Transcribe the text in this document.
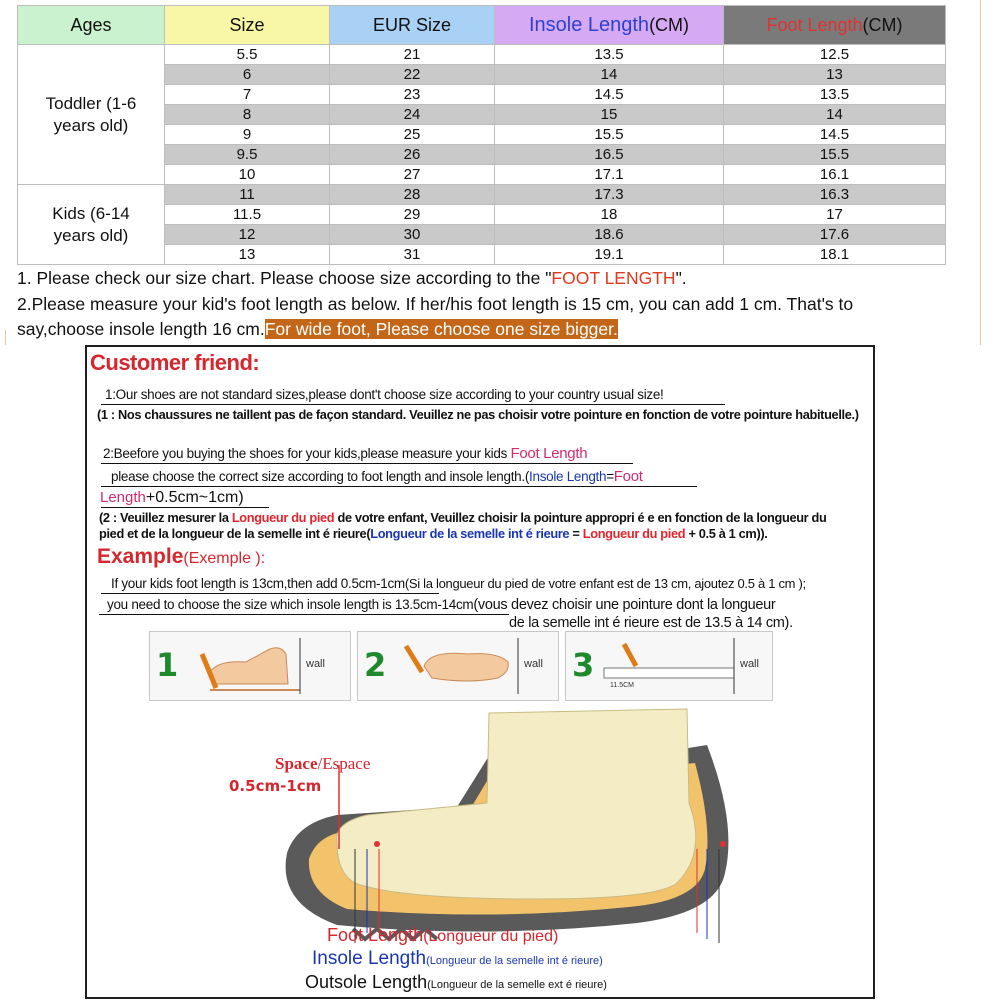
Ages	Size	EUR Size	Insole Length(CM)	Foot Length(CM)
Toddler (1-6 years old)	5.5	21	13.5	12.5
	6	22	14	13
	7	23	14.5	13.5
	8	24	15	14
	9	25	15.5	14.5
	9.5	26	16.5	15.5
	10	27	17.1	16.1
Kids (6-14 years old)	11	28	17.3	16.3
	11.5	29	18	17
	12	30	18.6	17.6
	13	31	19.1	18.1
1. Please check our size chart. Please choose size according to the "FOOT LENGTH".
2.Please measure your kid's foot length as below. If her/his foot length is 15 cm, you can add 1 cm. That's to
say,choose insole length 16 cm.For wide foot, Please choose one size bigger.
Customer friend:
1:Our shoes are not standard sizes,please dont't choose size according to your country usual size!
(1 : Nos chaussures ne taillent pas de façon standard. Veuillez ne pas choisir votre pointure en fonction de votre pointure habituelle.)
2:Beefore you buying the shoes for your kids,please measure your kids Foot Length
please choose the correct size according to foot length and insole length.(Insole Length=Foot
Length+0.5cm~1cm)
(2 : Veuillez mesurer la Longueur du pied de votre enfant, Veuillez choisir la pointure appropri é e en fonction de la longueur du
pied et de la longueur de la semelle int é rieure(Longueur de la semelle int é rieure = Longueur du pied + 0.5 à 1 cm)).
Example(Exemple ):
If your kids foot length is 13cm,then add 0.5cm-1cm(Si la longueur du pied de votre enfant est de 13 cm, ajoutez 0.5 à 1 cm );
you need to choose the size which insole length is 13.5cm-14cm(vous devez choisir une pointure dont la longueur
de la semelle int é rieure est de 13.5 à 14 cm).
1	wall 2	wall 3
11.5CM
wall
Space/Espace
0.5cm-1cm
Foot Length(Longueur du pied)
Insole Length(Longueur de la semelle int é rieure)
Outsole Length(Longueur de la semelle ext é rieure)
